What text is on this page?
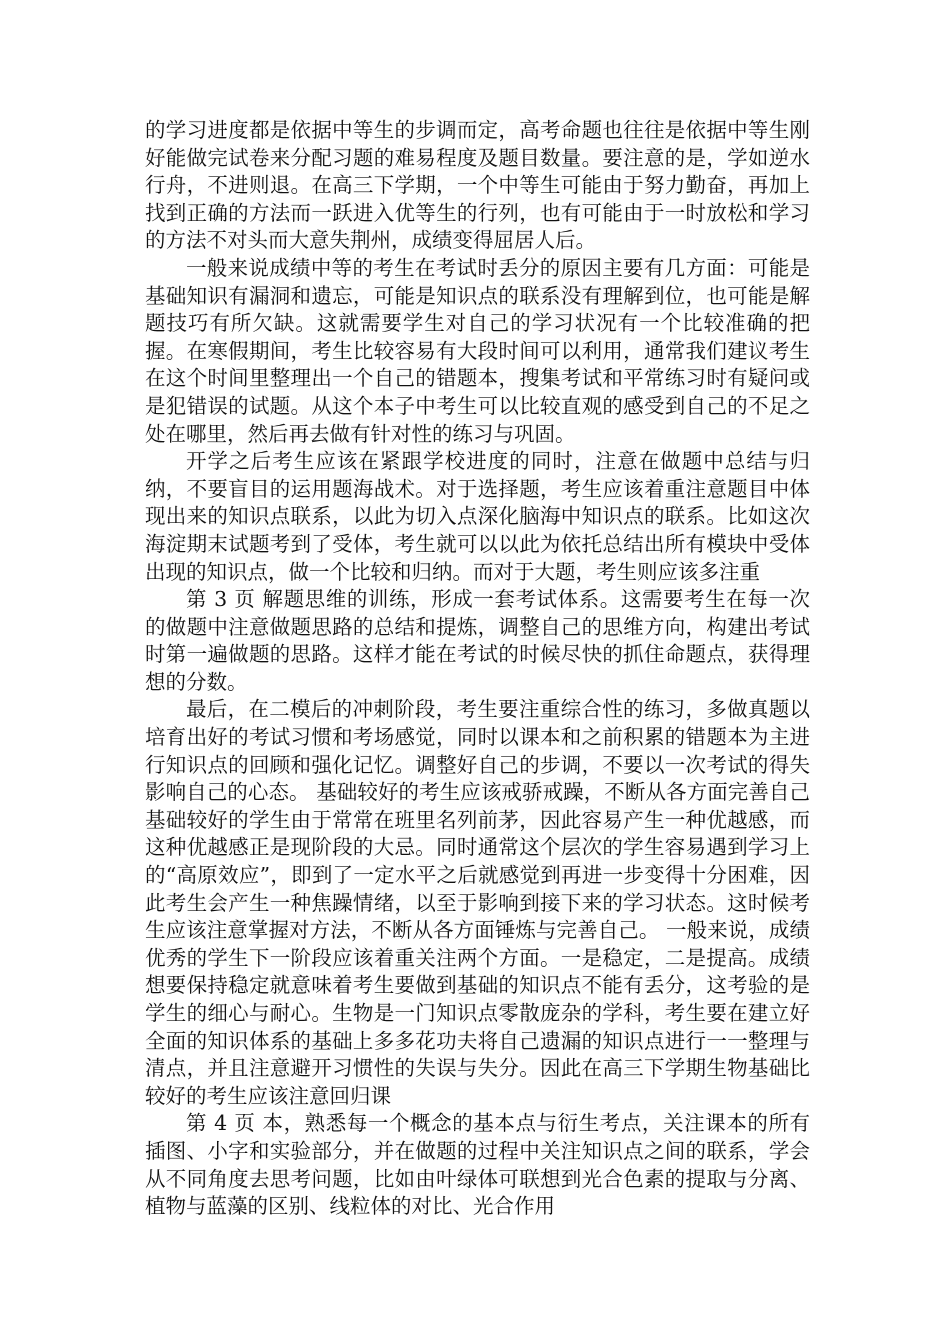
的学习进度都是依据中等生的步调而定，高考命题也往往是依据中等生刚好能做完试卷来分配习题的难易程度及题目数量。要注意的是，学如逆水行舟，不进则退。在高三下学期，一个中等生可能由于努力勤奋，再加上找到正确的方法而一跃进入优等生的行列，也有可能由于一时放松和学习的方法不对头而大意失荆州，成绩变得屈居人后。

一般来说成绩中等的考生在考试时丢分的原因主要有几方面：可能是基础知识有漏洞和遗忘，可能是知识点的联系没有理解到位，也可能是解题技巧有所欠缺。这就需要学生对自己的学习状况有一个比较准确的把握。在寒假期间，考生比较容易有大段时间可以利用，通常我们建议考生在这个时间里整理出一个自己的错题本，搜集考试和平常练习时有疑问或是犯错误的试题。从这个本子中考生可以比较直观的感受到自己的不足之处在哪里，然后再去做有针对性的练习与巩固。

开学之后考生应该在紧跟学校进度的同时，注意在做题中总结与归纳，不要盲目的运用题海战术。对于选择题，考生应该着重注意题目中体现出来的知识点联系，以此为切入点深化脑海中知识点的联系。比如这次海淀期末试题考到了受体，考生就可以以此为依托总结出所有模块中受体出现的知识点，做一个比较和归纳。而对于大题，考生则应该多注重

第 3 页 解题思维的训练，形成一套考试体系。这需要考生在每一次的做题中注意做题思路的总结和提炼，调整自己的思维方向，构建出考试时第一遍做题的思路。这样才能在考试的时候尽快的抓住命题点，获得理想的分数。

最后，在二模后的冲刺阶段，考生要注重综合性的练习，多做真题以培育出好的考试习惯和考场感觉，同时以课本和之前积累的错题本为主进行知识点的回顾和强化记忆。调整好自己的步调，不要以一次考试的得失影响自己的心态。 基础较好的考生应该戒骄戒躁，不断从各方面完善自己 基础较好的学生由于常常在班里名列前茅，因此容易产生一种优越感，而这种优越感正是现阶段的大忌。同时通常这个层次的学生容易遇到学习上的“高原效应”，即到了一定水平之后就感觉到再进一步变得十分困难，因此考生会产生一种焦躁情绪，以至于影响到接下来的学习状态。这时候考生应该注意掌握对方法，不断从各方面锤炼与完善自己。 一般来说，成绩优秀的学生下一阶段应该着重关注两个方面。一是稳定，二是提高。成绩想要保持稳定就意味着考生要做到基础的知识点不能有丢分，这考验的是学生的细心与耐心。生物是一门知识点零散庞杂的学科，考生要在建立好全面的知识体系的基础上多多花功夫将自己遗漏的知识点进行一一整理与清点，并且注意避开习惯性的失误与失分。因此在高三下学期生物基础比较好的考生应该注意回归课

第 4 页 本，熟悉每一个概念的基本点与衍生考点，关注课本的所有插图、小字和实验部分，并在做题的过程中关注知识点之间的联系，学会从不同角度去思考问题，比如由叶绿体可联想到光合色素的提取与分离、植物与蓝藻的区别、线粒体的对比、光合作用
